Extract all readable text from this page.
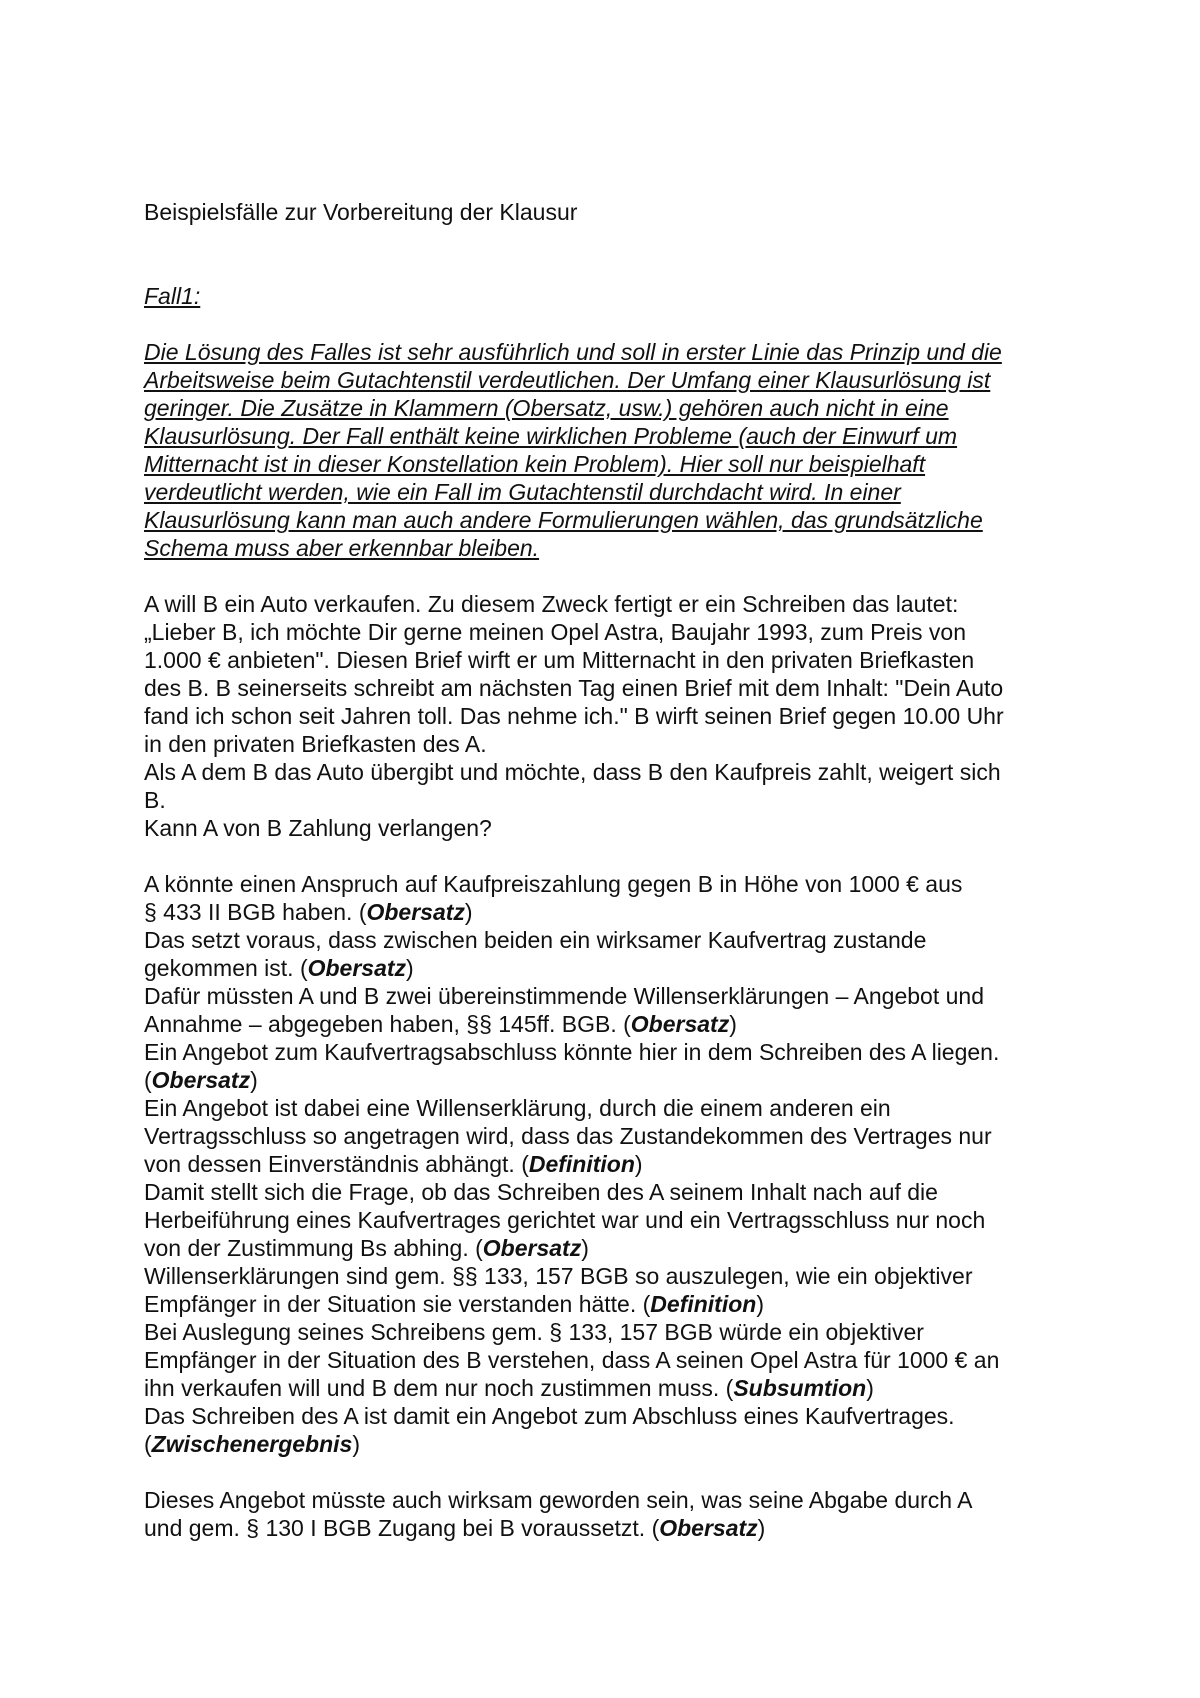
Beispielsfälle zur Vorbereitung der Klausur
Fall1:
Die Lösung des Falles ist sehr ausführlich und soll in erster Linie das Prinzip und die
Arbeitsweise beim Gutachtenstil verdeutlichen. Der Umfang einer Klausurlösung ist
geringer. Die Zusätze in Klammern (Obersatz, usw.) gehören auch nicht in eine
Klausurlösung. Der Fall enthält keine wirklichen Probleme (auch der Einwurf um
Mitternacht ist in dieser Konstellation kein Problem). Hier soll nur beispielhaft
verdeutlicht werden, wie ein Fall im Gutachtenstil durchdacht wird. In einer
Klausurlösung kann man auch andere Formulierungen wählen, das grundsätzliche
Schema muss aber erkennbar bleiben.
A will B ein Auto verkaufen. Zu diesem Zweck fertigt er ein Schreiben das lautet:
„Lieber B, ich möchte Dir gerne meinen Opel Astra, Baujahr 1993, zum Preis von
1.000 € anbieten". Diesen Brief wirft er um Mitternacht in den privaten Briefkasten
des B. B seinerseits schreibt am nächsten Tag einen Brief mit dem Inhalt: "Dein Auto
fand ich schon seit Jahren toll. Das nehme ich." B wirft seinen Brief gegen 10.00 Uhr
in den privaten Briefkasten des A.
Als A dem B das Auto übergibt und möchte, dass B den Kaufpreis zahlt, weigert sich
B.
Kann A von B Zahlung verlangen?
A könnte einen Anspruch auf Kaufpreiszahlung gegen B in Höhe von 1000 € aus
§ 433 II BGB haben. (Obersatz)
Das setzt voraus, dass zwischen beiden ein wirksamer Kaufvertrag zustande
gekommen ist. (Obersatz)
Dafür müssten A und B zwei übereinstimmende Willenserklärungen – Angebot und
Annahme – abgegeben haben, §§ 145ff. BGB. (Obersatz)
Ein Angebot zum Kaufvertragsabschluss könnte hier in dem Schreiben des A liegen.
(Obersatz)
Ein Angebot ist dabei eine Willenserklärung, durch die einem anderen ein
Vertragsschluss so angetragen wird, dass das Zustandekommen des Vertrages nur
von dessen Einverständnis abhängt. (Definition)
Damit stellt sich die Frage, ob das Schreiben des A seinem Inhalt nach auf die
Herbeiführung eines Kaufvertrages gerichtet war und ein Vertragsschluss nur noch
von der Zustimmung Bs abhing. (Obersatz)
Willenserklärungen sind gem. §§ 133, 157 BGB so auszulegen, wie ein objektiver
Empfänger in der Situation sie verstanden hätte. (Definition)
Bei Auslegung seines Schreibens gem. § 133, 157 BGB würde ein objektiver
Empfänger in der Situation des B verstehen, dass A seinen Opel Astra für 1000 € an
ihn verkaufen will und B dem nur noch zustimmen muss. (Subsumtion)
Das Schreiben des A ist damit ein Angebot zum Abschluss eines Kaufvertrages.
(Zwischenergebnis)
Dieses Angebot müsste auch wirksam geworden sein, was seine Abgabe durch A
und gem. § 130 I BGB Zugang bei B voraussetzt. (Obersatz)
